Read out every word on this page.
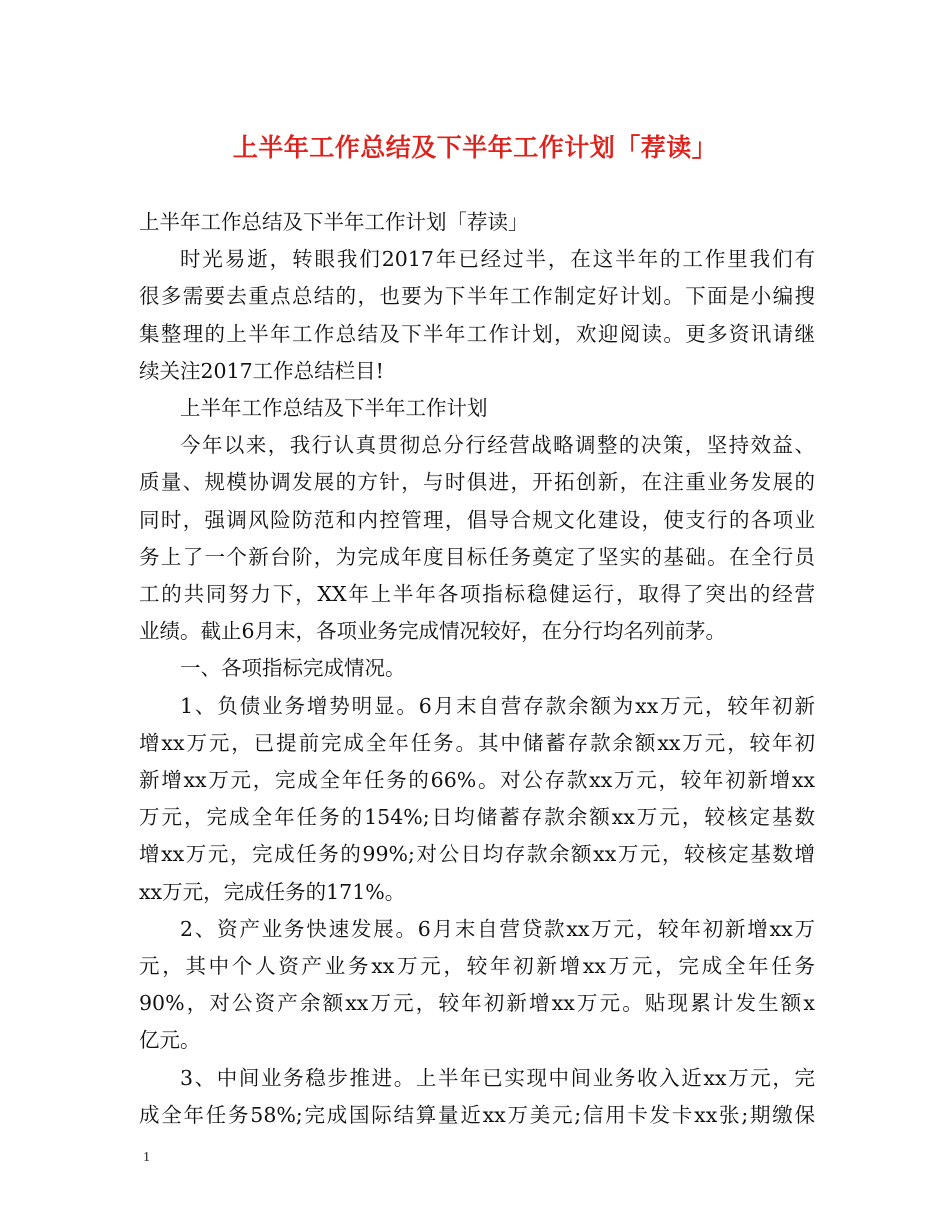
上半年工作总结及下半年工作计划「荐读」

上半年工作总结及下半年工作计划「荐读」

时光易逝，转眼我们2017年已经过半，在这半年的工作里我们有
很多需要去重点总结的，也要为下半年工作制定好计划。下面是小编搜
集整理的上半年工作总结及下半年工作计划，欢迎阅读。更多资讯请继
续关注2017工作总结栏目!

上半年工作总结及下半年工作计划

今年以来，我行认真贯彻总分行经营战略调整的决策，坚持效益、
质量、规模协调发展的方针，与时俱进，开拓创新，在注重业务发展的
同时，强调风险防范和内控管理，倡导合规文化建设，使支行的各项业
务上了一个新台阶，为完成年度目标任务奠定了坚实的基础。在全行员
工的共同努力下，XX年上半年各项指标稳健运行，取得了突出的经营
业绩。截止6月末，各项业务完成情况较好，在分行均名列前茅。

一、各项指标完成情况。

1、负债业务增势明显。6月末自营存款余额为xx万元，较年初新
增xx万元，已提前完成全年任务。其中储蓄存款余额xx万元，较年初
新增xx万元，完成全年任务的66%。对公存款xx万元，较年初新增xx
万元，完成全年任务的154%;日均储蓄存款余额xx万元，较核定基数
增xx万元，完成任务的99%;对公日均存款余额xx万元，较核定基数增
xx万元，完成任务的171%。

2、资产业务快速发展。6月末自营贷款xx万元，较年初新增xx万
元，其中个人资产业务xx万元，较年初新增xx万元，完成全年任务
90%，对公资产余额xx万元，较年初新增xx万元。贴现累计发生额x
亿元。

3、中间业务稳步推进。上半年已实现中间业务收入近xx万元，完
成全年任务58%;完成国际结算量近xx万美元;信用卡发卡xx张;期缴保

1
